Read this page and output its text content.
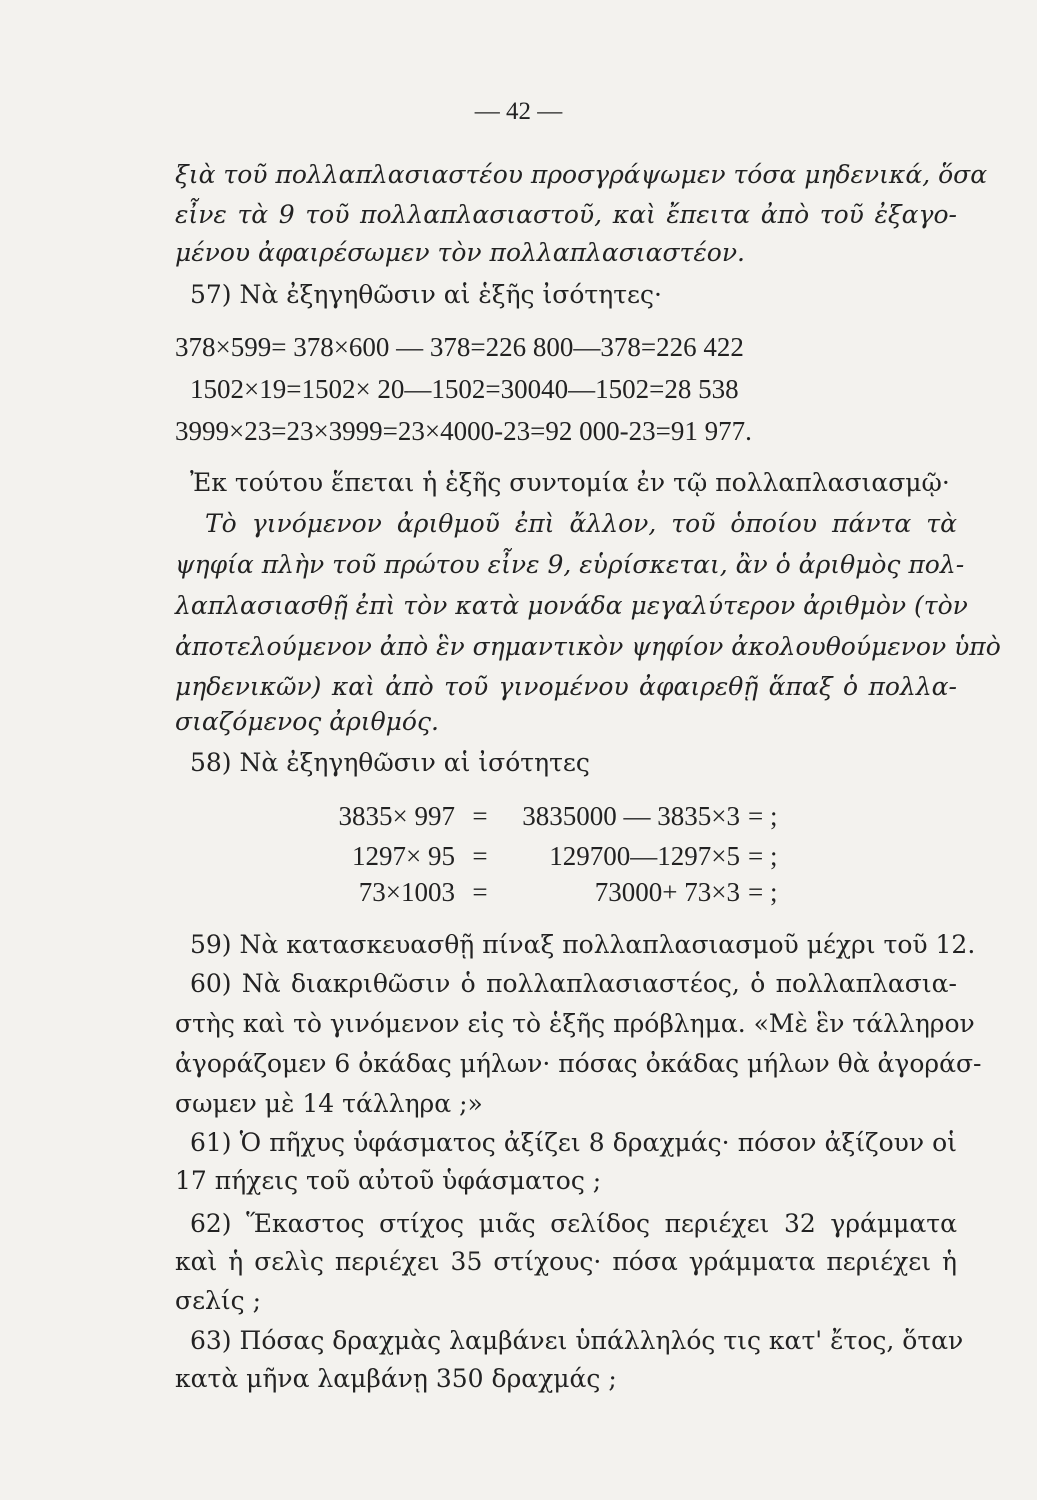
— 42 —
ξιὰ τοῦ πολλαπλασιαστέου προσγράψωμεν τόσα μηδενικά, ὅσα
εἶνε τὰ 9 τοῦ πολλαπλασιαστοῦ, καὶ ἔπειτα ἀπὸ τοῦ ἐξαγο-
μένου ἀφαιρέσωμεν τὸν πολλαπλασιαστέον.
57) Νὰ ἐξηγηθῶσιν αἱ ἑξῆς ἰσότητες·
378×599= 378×600 — 378=226 800—378=226 422
1502×19=1502× 20—1502=30040—1502=28 538
3999×23=23×3999=23×4000-23=92 000-23=91 977.
Ἐκ τούτου ἕπεται ἡ ἑξῆς συντομία ἐν τῷ πολλαπλασιασμῷ·
Τὸ γινόμενον ἀριθμοῦ ἐπὶ ἄλλον, τοῦ ὁποίου πάντα τὰ
ψηφία πλὴν τοῦ πρώτου εἶνε 9, εὑρίσκεται, ἂν ὁ ἀριθμὸς πολ-
λαπλασιασθῇ ἐπὶ τὸν κατὰ μονάδα μεγαλύτερον ἀριθμὸν (τὸν
ἀποτελούμενον ἀπὸ ἓν σημαντικὸν ψηφίον ἀκολουθούμενον ὑπὸ
μηδενικῶν) καὶ ἀπὸ τοῦ γινομένου ἀφαιρεθῇ ἅπαξ ὁ πολλα-
σιαζόμενος ἀριθμός.
58) Νὰ ἐξηγηθῶσιν αἱ ἰσότητες
3835× 997 = 3835000 — 3835×3 = ;
1297× 95 = 129700—1297×5 = ;
73×1003 =	73000+ 73×3 = ;
59) Νὰ κατασκευασθῇ πίναξ πολλαπλασιασμοῦ μέχρι τοῦ 12.
60) Νὰ διακριθῶσιν ὁ πολλαπλασιαστέος, ὁ πολλαπλασια-
στὴς καὶ τὸ γινόμενον εἰς τὸ ἑξῆς πρόβλημα. «Μὲ ἓν τάλληρον
ἀγοράζομεν 6 ὀκάδας μήλων· πόσας ὀκάδας μήλων θὰ ἀγοράσ-
σωμεν μὲ 14 τάλληρα ;»
61) Ὁ πῆχυς ὑφάσματος ἀξίζει 8 δραχμάς· πόσον ἀξίζουν οἱ
17 πήχεις τοῦ αὐτοῦ ὑφάσματος ;
62) Ἕκαστος στίχος μιᾶς σελίδος περιέχει 32 γράμματα
καὶ ἡ σελὶς περιέχει 35 στίχους· πόσα γράμματα περιέχει ἡ
σελίς ;
63) Πόσας δραχμὰς λαμβάνει ὑπάλληλός τις κατ' ἔτος, ὅταν
κατὰ μῆνα λαμβάνῃ 350 δραχμάς ;
